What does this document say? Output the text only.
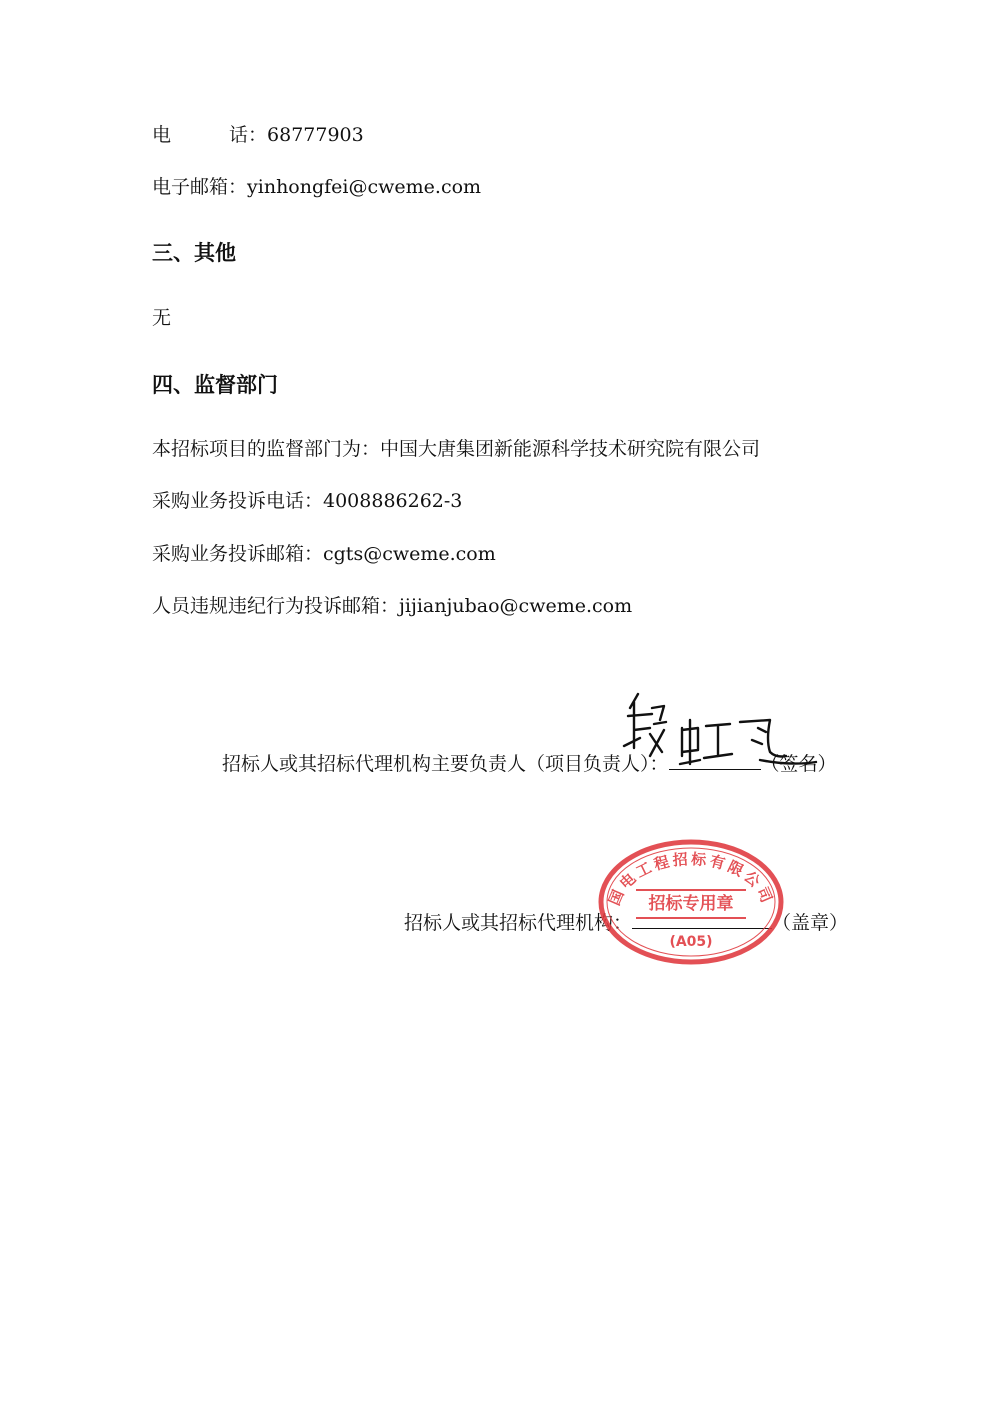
电	话：68777903
电子邮箱：yinhongfei@cweme.com
三、其他
无
四、监督部门
本招标项目的监督部门为：中国大唐集团新能源科学技术研究院有限公司
采购业务投诉电话：4008886262-3
采购业务投诉邮箱：cgts@cweme.com
人员违规违纪行为投诉邮箱：jijianjubao@cweme.com
招标人或其招标代理机构主要负责人（项目负责人）：	（签名）
招标人或其招标代理机构：	（盖章）
国电工程招标有限公司
招标专用章
(A05)
